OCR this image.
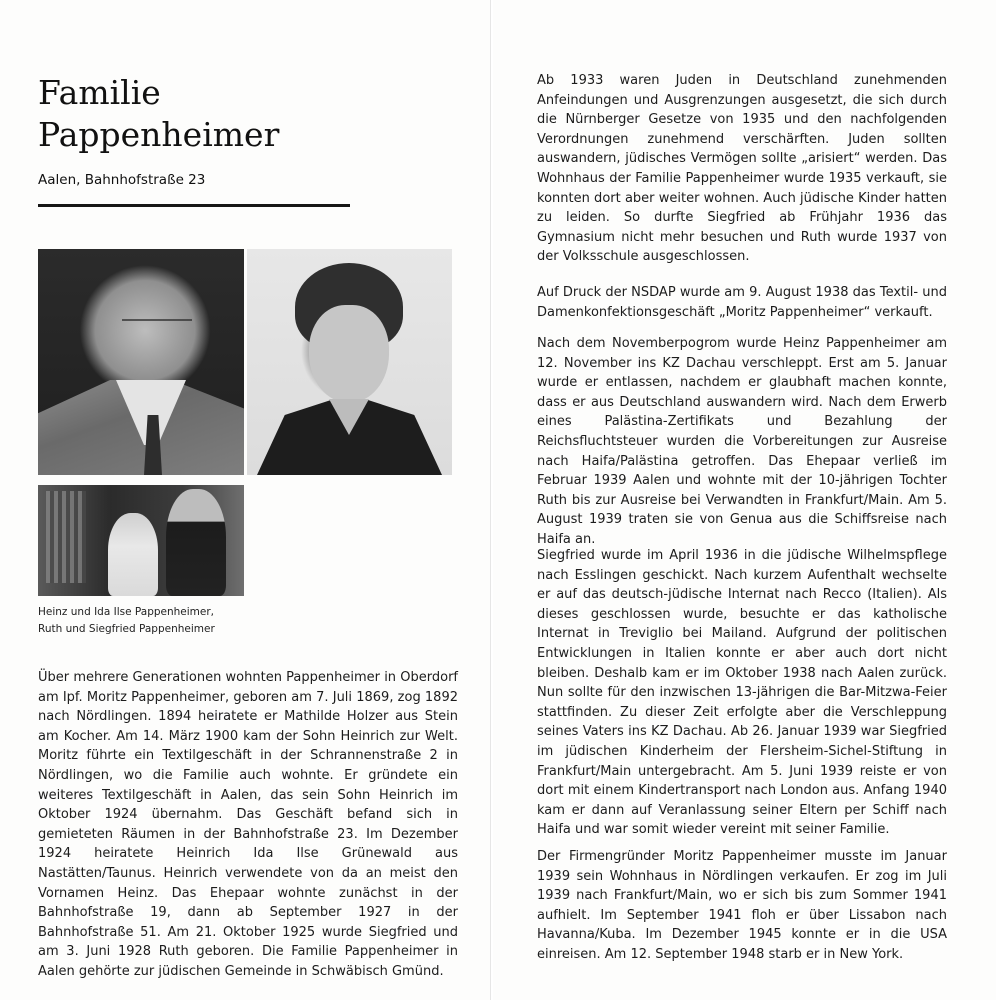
Familie
Pappenheimer
Aalen, Bahnhofstraße 23
Heinz und Ida Ilse Pappenheimer,
Ruth und Siegfried Pappenheimer

Über mehrere Generationen wohnten Pappenheimer in Oberdorf am Ipf. Moritz Pappenheimer, geboren am 7. Juli 1869, zog 1892 nach Nördlingen. 1894 heiratete er Mathilde Holzer aus Stein am Kocher. Am 14. März 1900 kam der Sohn Heinrich zur Welt. Moritz führte ein Textilgeschäft in der Schrannenstraße 2 in Nördlingen, wo die Familie auch wohnte. Er gründete ein weiteres Textilgeschäft in Aalen, das sein Sohn Heinrich im Oktober 1924 übernahm. Das Geschäft befand sich in gemieteten Räumen in der Bahnhofstraße 23. Im Dezember 1924 heiratete Heinrich Ida Ilse Grünewald aus Nastätten/Taunus. Heinrich verwendete von da an meist den Vornamen Heinz. Das Ehepaar wohnte zunächst in der Bahnhofstraße 19, dann ab September 1927 in der Bahnhofstraße 51. Am 21. Oktober 1925 wurde Siegfried und am 3. Juni 1928 Ruth geboren. Die Familie Pappenheimer in Aalen gehörte zur jüdischen Gemeinde in Schwäbisch Gmünd.

Ab 1933 waren Juden in Deutschland zunehmenden Anfeindungen und Ausgrenzungen ausgesetzt, die sich durch die Nürnberger Gesetze von 1935 und den nachfolgenden Verordnungen zunehmend verschärften. Juden sollten auswandern, jüdisches Vermögen sollte „arisiert“ werden. Das Wohnhaus der Familie Pappenheimer wurde 1935 verkauft, sie konnten dort aber weiter wohnen. Auch jüdische Kinder hatten zu leiden. So durfte Siegfried ab Frühjahr 1936 das Gymnasium nicht mehr besuchen und Ruth wurde 1937 von der Volksschule ausgeschlossen.

Auf Druck der NSDAP wurde am 9. August 1938 das Textil- und Damenkonfektionsgeschäft „Moritz Pappenheimer“ verkauft.

Nach dem Novemberpogrom wurde Heinz Pappenheimer am 12. November ins KZ Dachau verschleppt. Erst am 5. Januar wurde er entlassen, nachdem er glaubhaft machen konnte, dass er aus Deutschland auswandern wird. Nach dem Erwerb eines Palästina-Zertifikats und Bezahlung der Reichsfluchtsteuer wurden die Vorbereitungen zur Ausreise nach Haifa/Palästina getroffen. Das Ehepaar verließ im Februar 1939 Aalen und wohnte mit der 10-jährigen Tochter Ruth bis zur Ausreise bei Verwandten in Frankfurt/Main. Am 5. August 1939 traten sie von Genua aus die Schiffsreise nach Haifa an.

Siegfried wurde im April 1936 in die jüdische Wilhelmspflege nach Esslingen geschickt. Nach kurzem Aufenthalt wechselte er auf das deutsch-jüdische Internat nach Recco (Italien). Als dieses geschlossen wurde, besuchte er das katholische Internat in Treviglio bei Mailand. Aufgrund der politischen Entwicklungen in Italien konnte er aber auch dort nicht bleiben. Deshalb kam er im Oktober 1938 nach Aalen zurück. Nun sollte für den inzwischen 13-jährigen die Bar-Mitzwa-Feier stattfinden. Zu dieser Zeit erfolgte aber die Verschleppung seines Vaters ins KZ Dachau. Ab 26. Januar 1939 war Siegfried im jüdischen Kinderheim der Flersheim-Sichel-Stiftung in Frankfurt/Main untergebracht. Am 5. Juni 1939 reiste er von dort mit einem Kindertransport nach London aus. Anfang 1940 kam er dann auf Veranlassung seiner Eltern per Schiff nach Haifa und war somit wieder vereint mit seiner Familie.

Der Firmengründer Moritz Pappenheimer musste im Januar 1939 sein Wohnhaus in Nördlingen verkaufen. Er zog im Juli 1939 nach Frankfurt/Main, wo er sich bis zum Sommer 1941 aufhielt. Im September 1941 floh er über Lissabon nach Havanna/Kuba. Im Dezember 1945 konnte er in die USA einreisen. Am 12. September 1948 starb er in New York.
